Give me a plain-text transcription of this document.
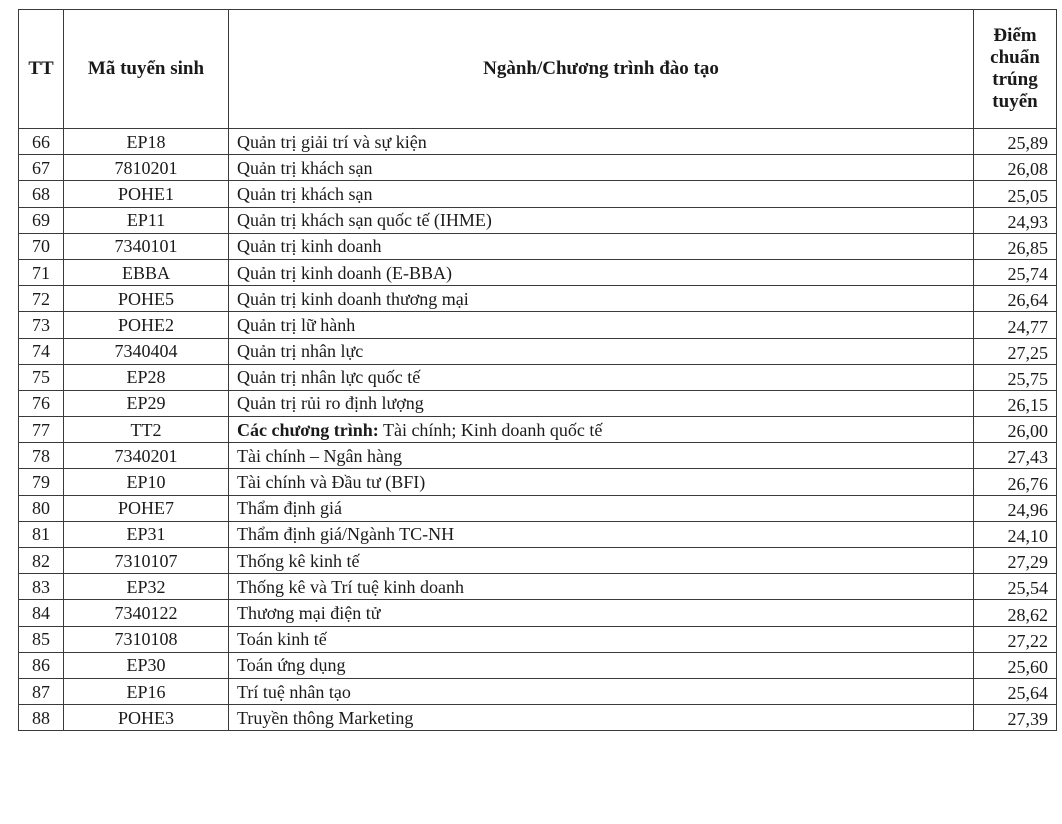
TT	Mã tuyển sinh	Ngành/Chương trình đào tạo	Điểm chuẩn trúng tuyển
66	EP18	Quản trị giải trí và sự kiện	25,89
67	7810201	Quản trị khách sạn	26,08
68	POHE1	Quản trị khách sạn	25,05
69	EP11	Quản trị khách sạn quốc tế (IHME)	24,93
70	7340101	Quản trị kinh doanh	26,85
71	EBBA	Quản trị kinh doanh (E-BBA)	25,74
72	POHE5	Quản trị kinh doanh thương mại	26,64
73	POHE2	Quản trị lữ hành	24,77
74	7340404	Quản trị nhân lực	27,25
75	EP28	Quản trị nhân lực quốc tế	25,75
76	EP29	Quản trị rủi ro định lượng	26,15
77	TT2	Các chương trình: Tài chính; Kinh doanh quốc tế	26,00
78	7340201	Tài chính – Ngân hàng	27,43
79	EP10	Tài chính và Đầu tư (BFI)	26,76
80	POHE7	Thẩm định giá	24,96
81	EP31	Thẩm định giá/Ngành TC-NH	24,10
82	7310107	Thống kê kinh tế	27,29
83	EP32	Thống kê và Trí tuệ kinh doanh	25,54
84	7340122	Thương mại điện tử	28,62
85	7310108	Toán kinh tế	27,22
86	EP30	Toán ứng dụng	25,60
87	EP16	Trí tuệ nhân tạo	25,64
88	POHE3	Truyền thông Marketing	27,39
